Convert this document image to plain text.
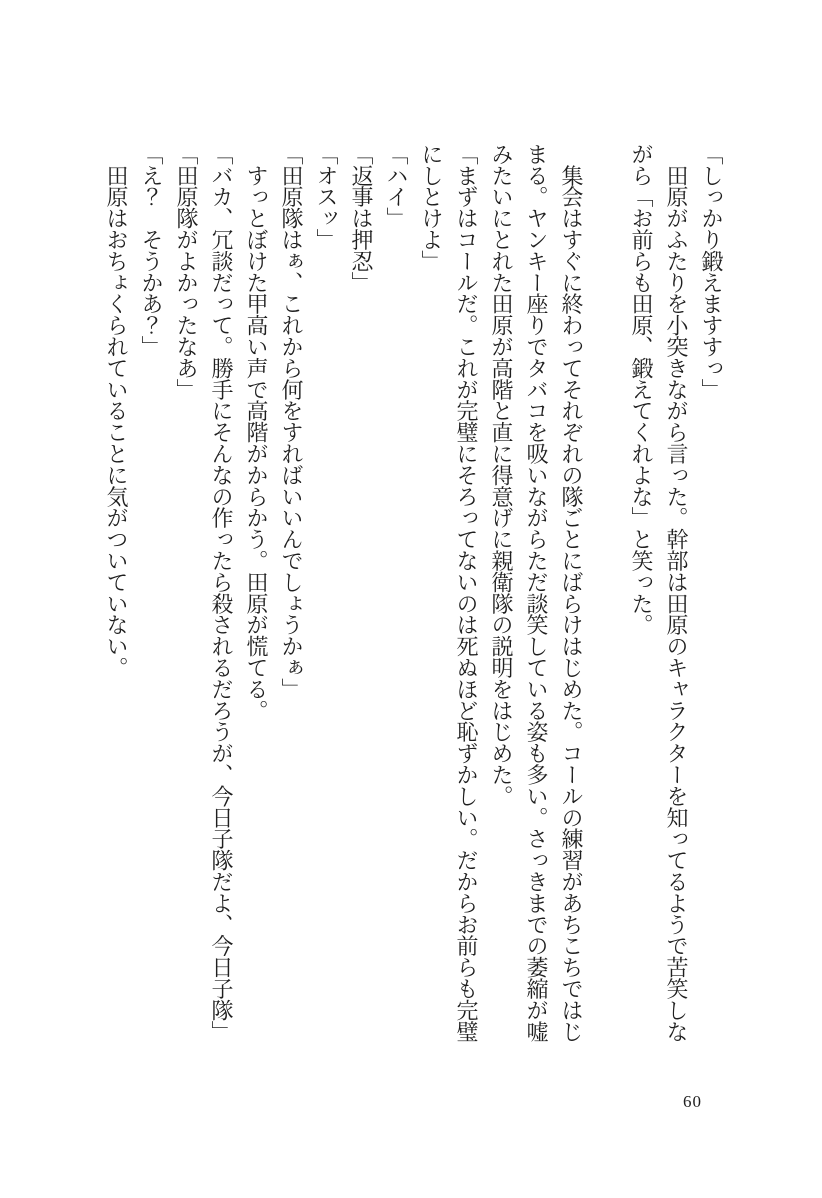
「しっかり鍛えますすっ」
　田原がふたりを小突きながら言った。幹部は田原のキャラクターを知ってるようで苦笑しな
がら「お前らも田原、鍛えてくれよな」と笑った。
　集会はすぐに終わってそれぞれの隊ごとにばらけはじめた。コールの練習があちこちではじ
まる。ヤンキー座りでタバコを吸いながらただ談笑している姿も多い。さっきまでの萎縮が嘘
みたいにとれた田原が高階と直に得意げに親衛隊の説明をはじめた。
「まずはコールだ。これが完璧にそろってないのは死ぬほど恥ずかしい。だからお前らも完璧
にしとけよ」
「ハイ」
「返事は押忍」
「オスッ」
「田原隊はぁ、これから何をすればいいんでしょうかぁ」
　すっとぼけた甲高い声で高階がからかう。田原が慌てる。
「バカ、冗談だって。勝手にそんなの作ったら殺されるだろうが、今日子隊だよ、今日子隊」
「田原隊がよかったなあ」
「え？　そうかあ？」
　田原はおちょくられていることに気がついていない。
60
